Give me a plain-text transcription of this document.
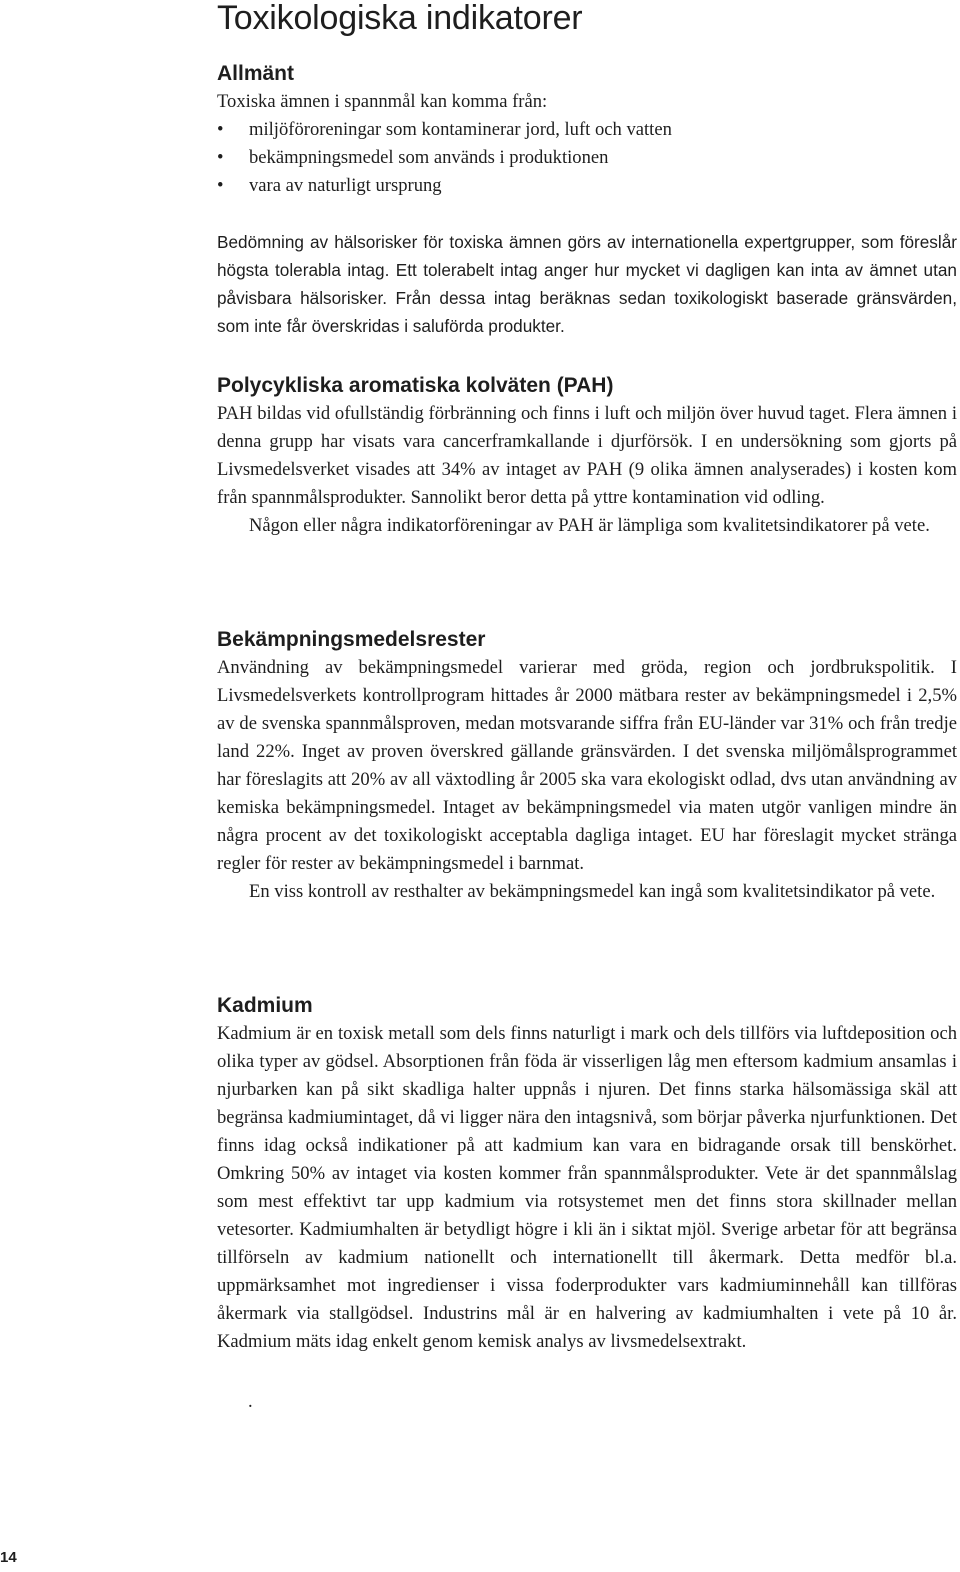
Toxikologiska indikatorer
Allmänt

Toxiska ämnen i spannmål kan komma från:

• miljöföroreningar som kontaminerar jord, luft och vatten
• bekämpningsmedel som används i produktionen
• vara av naturligt ursprung

Bedömning av hälsorisker för toxiska ämnen görs av internationella expertgrupper, som föreslår högsta tolerabla intag. Ett tolerabelt intag anger hur mycket vi dagligen kan inta av ämnet utan påvisbara hälsorisker. Från dessa intag beräknas sedan toxikologiskt baserade gränsvärden, som inte får överskridas i saluförda produkter.

Polycykliska aromatiska kolväten (PAH)

PAH bildas vid ofullständig förbränning och finns i luft och miljön över huvud taget. Flera ämnen i denna grupp har visats vara cancerframkallande i djurförsök. I en undersökning som gjorts på Livsmedelsverket visades att 34% av intaget av PAH (9 olika ämnen analyserades) i kosten kom från spannmålsprodukter. Sannolikt beror detta på yttre kontamination vid odling.

Någon eller några indikatorföreningar av PAH är lämpliga som kvalitetsindikatorer på vete.

Bekämpningsmedelsrester

Användning av bekämpningsmedel varierar med gröda, region och jordbrukspolitik. I Livsmedelsverkets kontrollprogram hittades år 2000 mätbara rester av bekämpningsmedel i 2,5% av de svenska spannmålsproven, medan motsvarande siffra från EU-länder var 31% och från tredje land 22%. Inget av proven överskred gällande gränsvärden. I det svenska miljömålsprogrammet har föreslagits att 20% av all växtodling år 2005 ska vara ekologiskt odlad, dvs utan användning av kemiska bekämpningsmedel. Intaget av bekämpningsmedel via maten utgör vanligen mindre än några procent av det toxikologiskt acceptabla dagliga intaget. EU har föreslagit mycket stränga regler för rester av bekämpningsmedel i barnmat.

En viss kontroll av resthalter av bekämpningsmedel kan ingå som kvalitetsindikator på vete.

Kadmium

Kadmium är en toxisk metall som dels finns naturligt i mark och dels tillförs via luftdeposition och olika typer av gödsel. Absorptionen från föda är visserligen låg men eftersom kadmium ansamlas i njurbarken kan på sikt skadliga halter uppnås i njuren. Det finns starka hälsomässiga skäl att begränsa kadmiumintaget, då vi ligger nära den intagsnivå, som börjar påverka njurfunktionen. Det finns idag också indikationer på att kadmium kan vara en bidragande orsak till benskörhet. Omkring 50% av intaget via kosten kommer från spannmålsprodukter. Vete är det spannmålslag som mest effektivt tar upp kadmium via rotsystemet men det finns stora skillnader mellan vetesorter. Kadmiumhalten är betydligt högre i kli än i siktat mjöl. Sverige arbetar för att begränsa tillförseln av kadmium nationellt och internationellt till åkermark. Detta medför bl.a. uppmärksamhet mot ingredienser i vissa foderprodukter vars kadmiuminnehåll kan tillföras åkermark via stallgödsel. Industrins mål är en halvering av kadmiumhalten i vete på 10 år. Kadmium mäts idag enkelt genom kemisk analys av livsmedelsextrakt.

.
14
